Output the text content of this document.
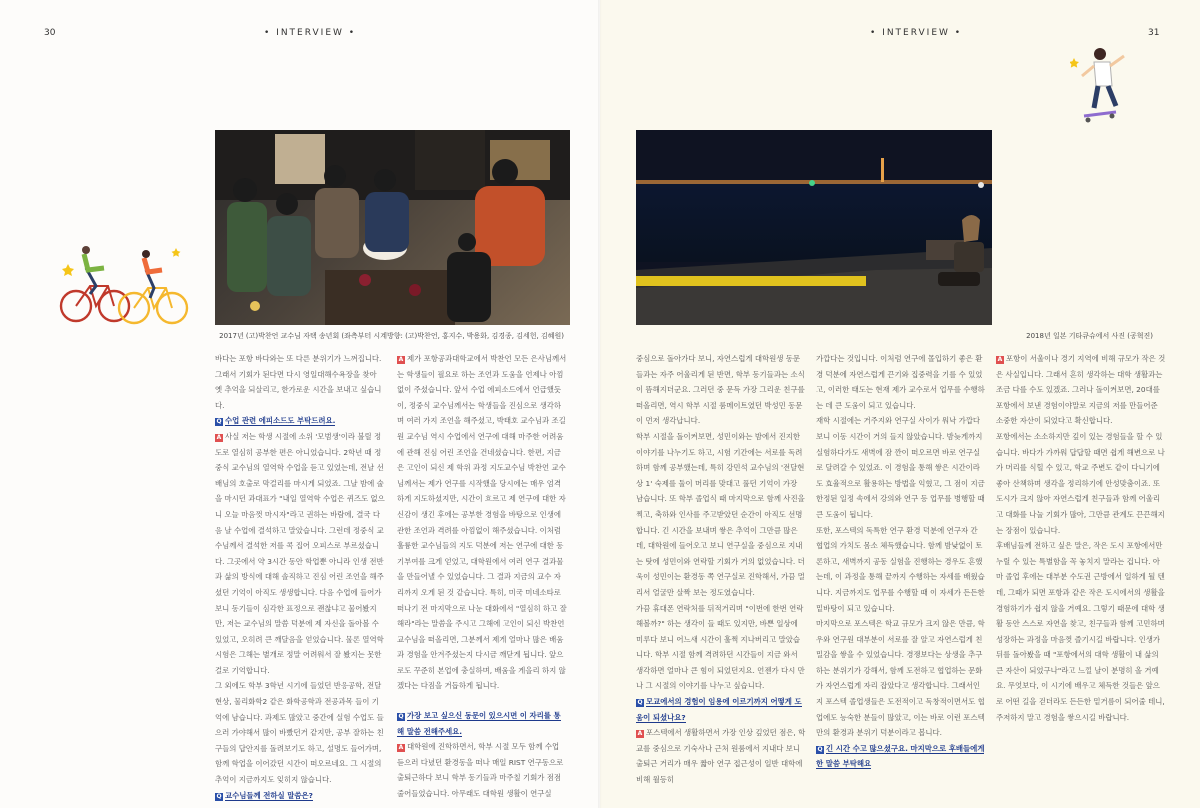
30	• INTERVIEW •
2017년 (고)박찬언 교수님 자택 송년회 (좌측부터 시계방향: (고)박찬언, 홍지수, 박용화, 김경종, 김세헌, 김혜원)

바다는 포항 바다와는 또 다른 분위기가 느껴집니다. 그래서 기회가 된다면 다시 영일대해수욕장을 찾아 옛 추억을 되살리고, 한가로운 시간을 보내고 싶습니다.

Q 수업 관련 에피소드도 부탁드려요.

A 사실 저는 학생 시절에 소위 '모범생'이라 불릴 정도로 열심히 공부한 편은 아니었습니다. 2학년 때 정중식 교수님의 열역학 수업을 듣고 있었는데, 전날 선배님의 호출로 막걸리를 마시게 되었죠. 그날 밤에 술을 마시던 과대표가 "내일 열역학 수업은 퀴즈도 없으니 오늘 마음껏 마시자"라고 권하는 바람에, 결국 다음 날 수업에 결석하고 말았습니다. 그런데 정중식 교수님께서 결석한 저를 콕 집어 오피스로 부르셨습니다. 그곳에서 약 3시간 동안 학업뿐 아니라 인생 전반과 삶의 방식에 대해 솔직하고 진심 어린 조언을 해주셨던 기억이 아직도 생생합니다. 다음 수업에 들어가 보니 동기들이 심각한 표정으로 괜찮냐고 물어봤지만, 저는 교수님의 말씀 덕분에 제 자신을 돌아볼 수 있었고, 오히려 큰 깨달음을 얻었습니다. 물론 열역학 시험은 그해는 별개로 정말 어려워서 잘 봤지는 못한 걸로 기억합니다.

그 외에도 학부 3학년 시기에 들었던 반응공학, 전달현상, 물리화학2 같은 화학공학과 전공과목 들이 기억에 남습니다. 과제도 많았고 중간에 실험 수업도 들으러 가야해서 많이 바빴던거 같지만, 공부 잘하는 친구들의 답안지를 돌려보기도 하고, 설명도 들어가며, 함께 학업을 이어갔던 시간이 떠오르네요. 그 시절의 추억이 지금까지도 잊히지 않습니다.

Q 교수님들께 전하실 말씀은?

A 제가 포항공과대학교에서 박찬언 모든 은사님께서는 학생들이 필요로 하는 조언과 도움을 언제나 아낌없이 주셨습니다. 앞서 수업 에피소드에서 언급했듯이, 정중식 교수님께서는 학생들을 진심으로 생각하며 여러 가지 조언을 해주셨고, 박태호 교수님과 조길원 교수님 역시 수업에서 연구에 대해 마주한 어려움에 관해 진심 어린 조언을 건네셨습니다. 한편, 지금은 고인이 되신 제 학위 과정 지도교수님 박찬언 교수님께서는 제가 연구를 시작했을 당시에는 매우 엄격하게 지도하셨지만, 시간이 흐르고 제 연구에 대한 자신감이 생긴 후에는 공부한 경험을 바탕으로 인생에 관한 조언과 격려를 아낌없이 해주셨습니다. 이처럼 훌륭한 교수님들의 지도 덕분에 저는 연구에 대한 동기부여를 크게 얻었고, 대학원에서 여러 연구 결과물을 만들어낼 수 있었습니다. 그 결과 지금의 교수 자리까지 오게 된 것 같습니다. 특히, 미국 미네소타로 떠나기 전 마지막으로 나눈 대화에서 "열심히 하고 잘해라"라는 말씀을 주시고 그해에 고인이 되신 박찬언 교수님을 떠올리면, 그분께서 제게 얼마나 많은 배움과 경험을 안겨주셨는지 다시금 깨닫게 됩니다. 앞으로도 꾸준히 본업에 충실하며, 배움을 게을리 하지 않겠다는 다짐을 거듭하게 됩니다.

Q 가장 보고 싶으신 동문이 있으시면 이 자리를 통해 말씀 전해주세요.

A 대학원에 진학하면서, 학부 시절 모두 함께 수업 듣으러 다녔던 환경동을 떠나 매일 RIST 연구동으로 출퇴근하다 보니 학부 동기들과 마주칠 기회가 점점 줄어들었습니다. 아무래도 대학원 생활이 연구실

• INTERVIEW •	31
2018년 일본 기타큐슈에서 사진 (공혁진)

중심으로 돌아가다 보니, 자연스럽게 대학원생 동문들과는 자주 어울리게 된 반면, 학부 동기들과는 소식이 뜸해지더군요. 그러던 중 문득 가장 그리운 친구를 떠올리면, 역시 학부 시절 룸메이트였던 박성민 동문이 먼저 생각납니다.

학부 시절을 돌이켜보면, 성민이와는 밤에서 진지한 이야기를 나누기도 하고, 시험 기간에는 서로를 독려하며 함께 공부했는데, 특히 강민석 교수님의 '전달현상 1' 숙제를 둘이 머리를 맞대고 풀던 기억이 가장 남습니다. 또 학부 졸업식 때 마지막으로 함께 사진을 찍고, 축하와 인사를 주고받았던 순간이 아직도 선명합니다. 긴 시간을 보내며 쌓은 추억이 그만큼 많은데, 대학원에 들어오고 보니 연구실을 중심으로 지내는 탓에 성민이와 연락할 기회가 거의 없었습니다. 더욱이 성민이는 환경동 쪽 연구실로 진학해서, 가끔 멀리서 얼굴만 살짝 보는 정도였습니다.

가끔 휴대폰 연락처를 뒤적거리며 "이번에 한번 연락해볼까?" 하는 생각이 들 때도 있지만, 바쁜 일상에 미루다 보니 어느새 시간이 훌쩍 지나버리고 말았습니다. 학부 시절 함께 격려하던 시간들이 지금 와서 생각하면 얼마나 큰 힘이 되었던지요. 언젠가 다시 만나 그 시절의 이야기를 나누고 싶습니다.

Q 모교에서의 경험이 임용에 이르기까지 어떻게 도움이 되셨나요?

A 포스텍에서 생활하면서 가장 인상 깊었던 점은, 학교를 중심으로 기숙사나 근처 원룸에서 지내다 보니 출퇴근 거리가 매우 짧아 연구 접근성이 일반 대학에 비해 월등히

가깝다는 것입니다. 이처럼 연구에 몰입하기 좋은 환경 덕분에 자연스럽게 끈기와 집중력을 기를 수 있었고, 이러한 태도는 현재 제가 교수로서 업무를 수행하는 데 큰 도움이 되고 있습니다.

재학 시절에는 거주지와 연구실 사이가 워낙 가깝다 보니 이동 시간이 거의 들지 않았습니다. 밤늦게까지 실험하다가도 새벽에 잠 깐이 떠오르면 바로 연구실로 달려갈 수 있었죠. 이 경험을 통해 쌓은 시간이라도 효율적으로 활용하는 방법을 익혔고, 그 점이 지금 한정된 일정 속에서 강의와 연구 등 업무를 병행할 때 큰 도움이 됩니다.

또한, 포스텍의 독특한 연구 환경 덕분에 연구자 간 협업의 가치도 몸소 체득했습니다. 함께 밤낮없이 토론하고, 새벽까지 공동 실험을 진행하는 경우도 흔했는데, 이 과정을 통해 끝까지 수행하는 자세를 배웠습니다. 지금까지도 업무를 수행할 때 이 자세가 든든한 밑바탕이 되고 있습니다.

마지막으로 포스텍은 학교 규모가 크지 않은 만큼, 학우와 연구원 대부분이 서로를 잘 알고 자연스럽게 친밀감을 쌓을 수 있었습니다. 경쟁보다는 상생을 추구하는 분위기가 강해서, 함께 도전하고 협업하는 문화가 자연스럽게 자리 잡았다고 생각합니다. 그래서인지 포스텍 졸업생들은 도전적이고 독창적이면서도 협업에도 능숙한 분들이 많았고, 이는 바로 이런 포스텍만의 환경과 분위기 덕분이라고 봅니다.

Q 긴 시간 수고 많으셨구요. 마지막으로 후배들에게 한 말씀 부탁해요

A 포항이 서울이나 경기 지역에 비해 규모가 작은 것은 사실입니다. 그래서 흔히 생각하는 대학 생활과는 조금 다를 수도 있겠죠. 그러나 돌이켜보면, 20대를 포항에서 보낸 경험이야말로 지금의 저를 만들어준 소중한 자산이 되었다고 확신합니다.

포항에서는 소소하지만 깊이 있는 경험들을 할 수 있습니다. 바다가 가까워 답답할 때면 쉽게 해변으로 나가 머리를 식힐 수 있고, 학교 주변도 같이 다니기에 좋아 산책하며 생각을 정리하기에 안성맞춤이죠. 또 도시가 크지 않아 자연스럽게 친구들과 함께 어울리고 대화를 나눌 기회가 많아, 그만큼 관계도 끈끈해지는 장점이 있습니다.

후배님들께 전하고 싶은 말은, 작은 도시 포항에서만 누릴 수 있는 특별함을 꼭 놓치지 말라는 겁니다. 아마 졸업 후에는 대부분 수도권 근방에서 일하게 될 텐데, 그때가 되면 포항과 같은 작은 도시에서의 생활을 경험하기가 쉽지 않을 거예요. 그렇기 때문에 대학 생활 동안 스스로 자연을 찾고, 친구들과 함께 고민하며 성장하는 과정을 마음껏 즐기시길 바랍니다. 인생가 뒤를 돌아봤을 때 "포항에서의 대학 생활이 내 삶의 큰 자산이 되었구나"라고 느낄 날이 분명히 올 거예요. 무엇보다, 이 시기에 배우고 체득한 것들은 앞으로 어떤 길을 걷더라도 든든한 밑거름이 되어줄 테니, 주저하지 말고 경험을 쌓으시길 바랍니다.
